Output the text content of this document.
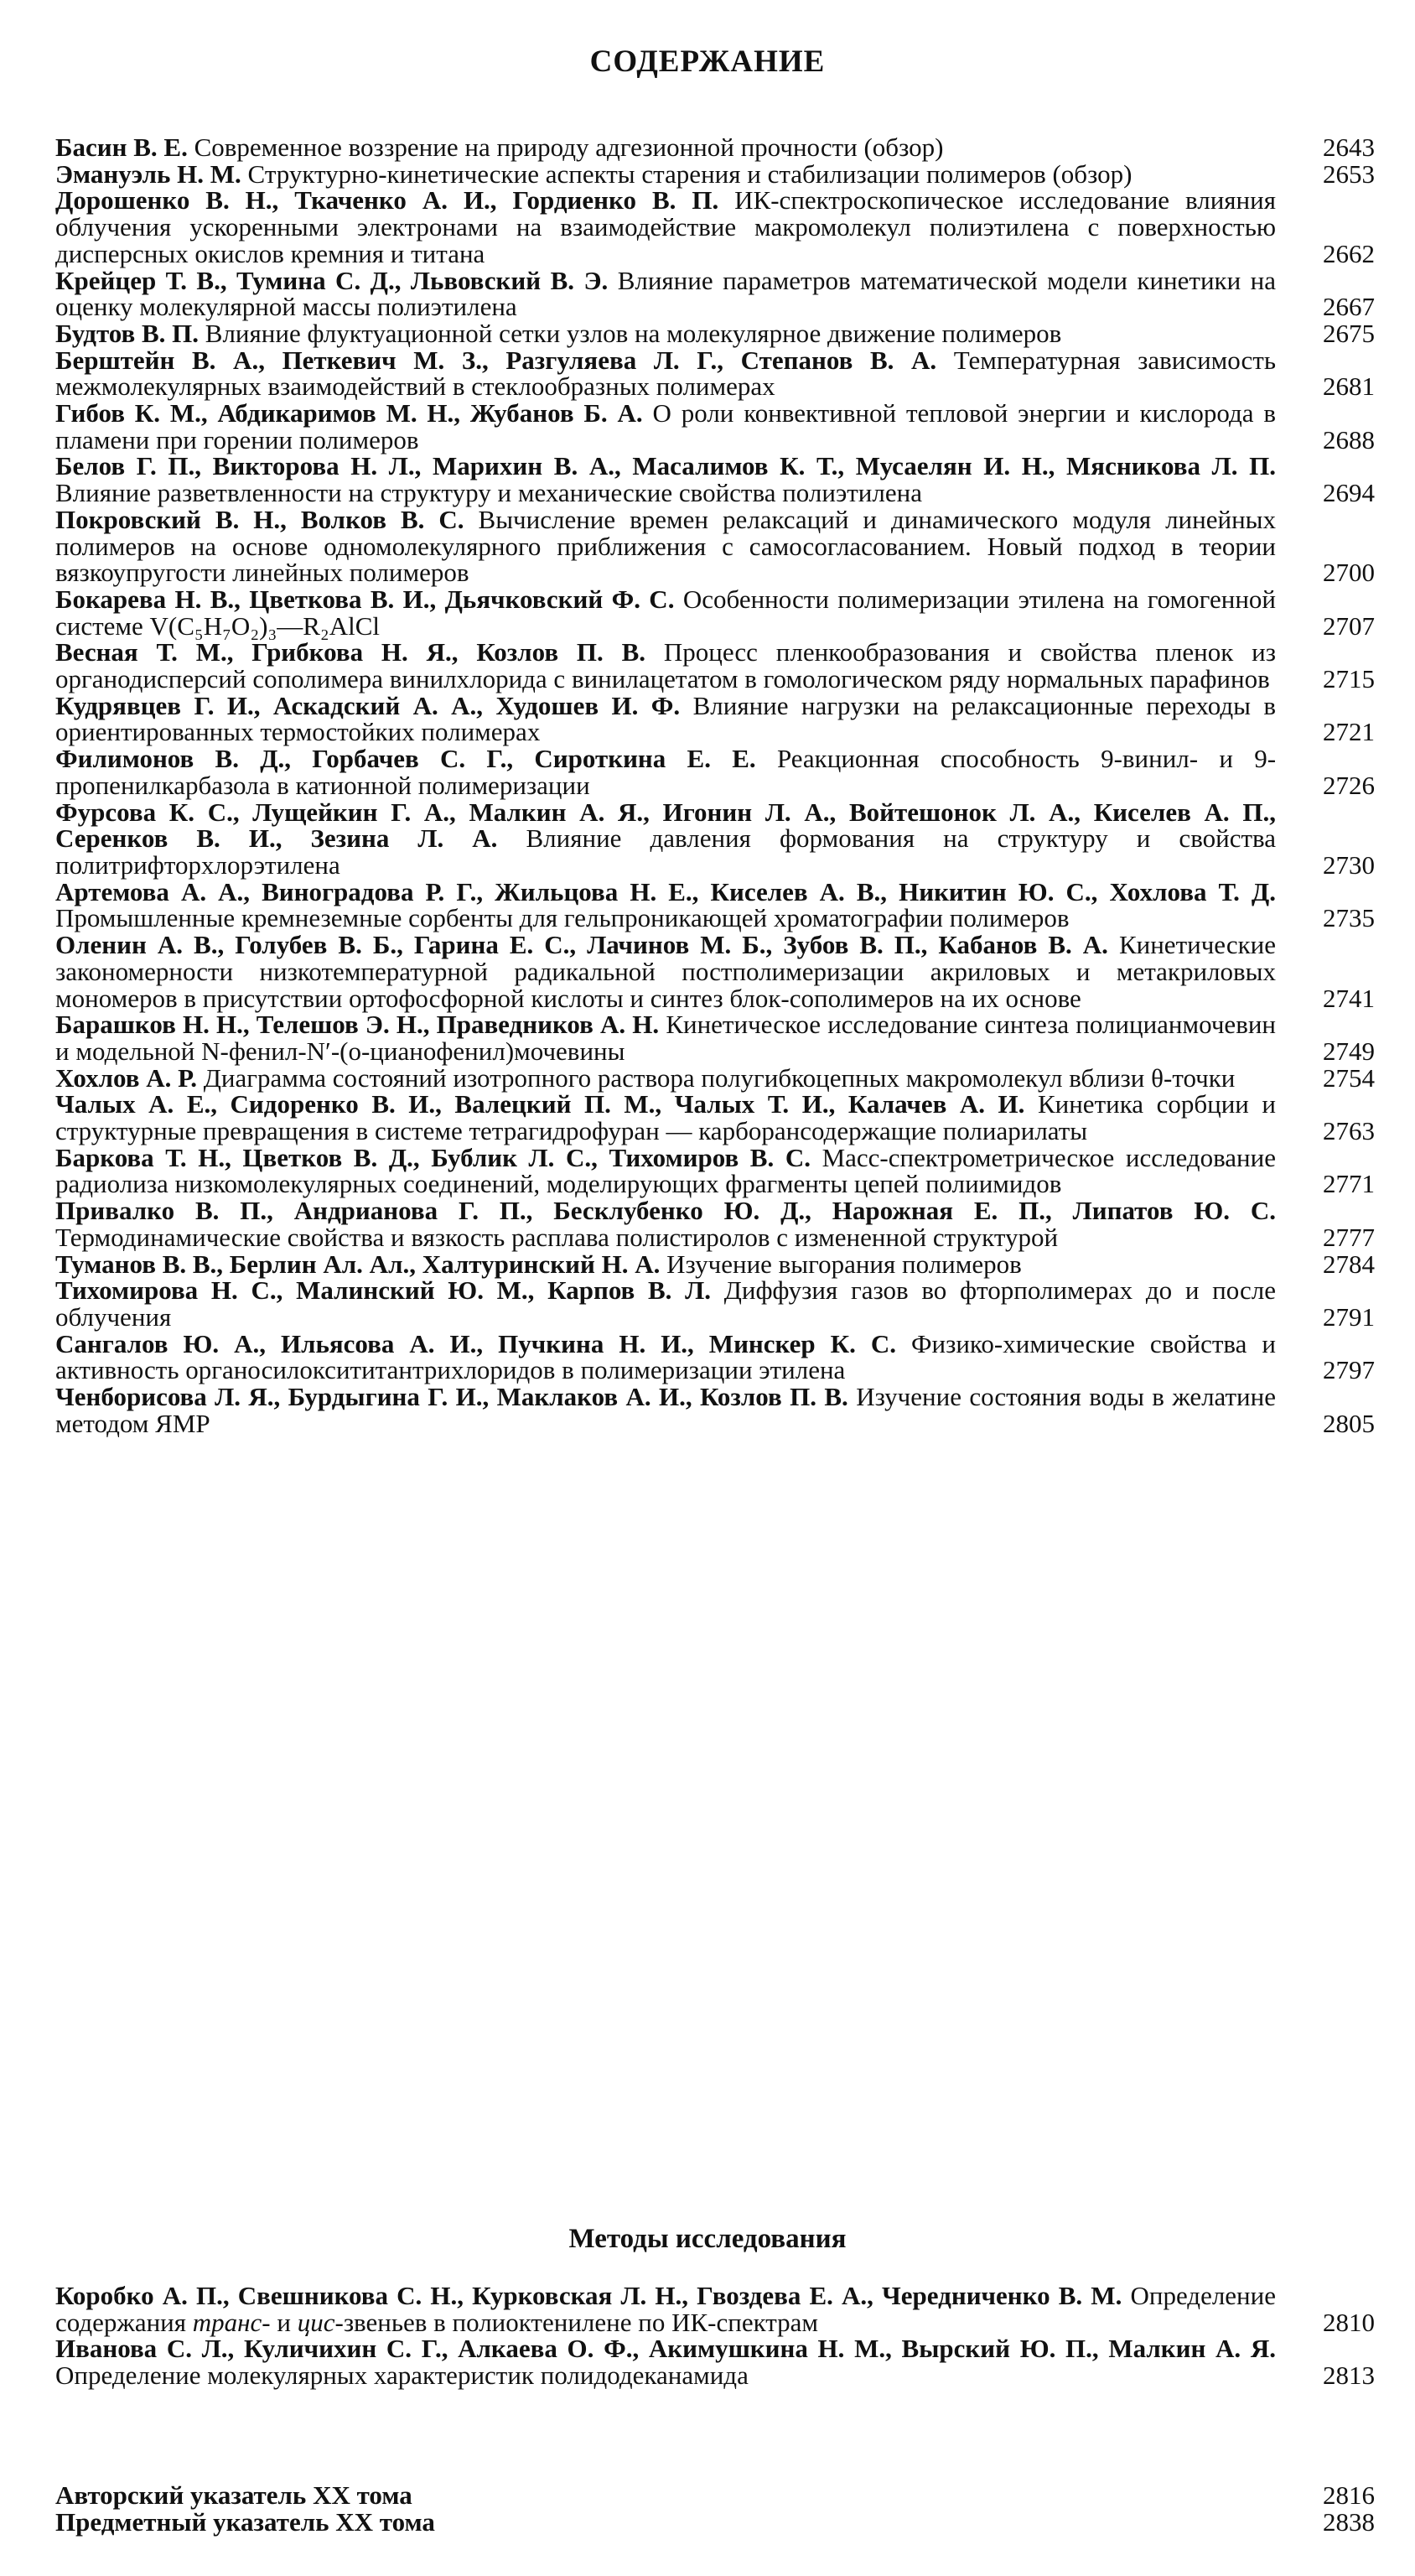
СОДЕРЖАНИЕ
Басин В. Е. Современное воззрение на природу адгезионной прочности (обзор)	2643
Эмануэль Н. М. Структурно-кинетические аспекты старения и стабилизации полимеров (обзор)	2653
Дорошенко В. Н., Ткаченко А. И., Гордиенко В. П. ИК-спектроскопическое исследование влияния облучения ускоренными электронами на взаимодействие макромолекул полиэтилена с поверхностью дисперсных окислов кремния и титана	2662
Крейцер Т. В., Тумина С. Д., Львовский В. Э. Влияние параметров математической модели кинетики на оценку молекулярной массы полиэтилена	2667
Будтов В. П. Влияние флуктуационной сетки узлов на молекулярное движение полимеров	2675
Берштейн В. А., Петкевич М. З., Разгуляева Л. Г., Степанов В. А. Температурная зависимость межмолекулярных взаимодействий в стеклообразных полимерах	2681
Гибов К. М., Абдикаримов М. Н., Жубанов Б. А. О роли конвективной тепловой энергии и кислорода в пламени при горении полимеров	2688
Белов Г. П., Викторова Н. Л., Марихин В. А., Масалимов К. Т., Мусаелян И. Н., Мясникова Л. П. Влияние разветвленности на структуру и механические свойства полиэтилена	2694
Покровский В. Н., Волков В. С. Вычисление времен релаксаций и динамического модуля линейных полимеров на основе одномолекулярного приближения с самосогласованием. Новый подход в теории вязкоупругости линейных полимеров	2700
Бокарева Н. В., Цветкова В. И., Дьячковский Ф. С. Особенности полимеризации этилена на гомогенной системе V(C₅H₇O₂)₃—R₂AlCl	2707
Весная Т. М., Грибкова Н. Я., Козлов П. В. Процесс пленкообразования и свойства пленок из органодисперсий сополимера винилхлорида с винилацетатом в гомологическом ряду нормальных парафинов	2715
Кудрявцев Г. И., Аскадский А. А., Худошев И. Ф. Влияние нагрузки на релаксационные переходы в ориентированных термостойких полимерах	2721
Филимонов В. Д., Горбачев С. Г., Сироткина Е. Е. Реакционная способность 9-винил- и 9-пропенилкарбазола в катионной полимеризации	2726
Фурсова К. С., Лущейкин Г. А., Малкин А. Я., Игонин Л. А., Войтешонок Л. А., Киселев А. П., Серенков В. И., Зезина Л. А. Влияние давления формования на структуру и свойства политрифторхлорэтилена	2730
Артемова А. А., Виноградова Р. Г., Жильцова Н. Е., Киселев А. В., Никитин Ю. С., Хохлова Т. Д. Промышленные кремнеземные сорбенты для гельпроникающей хроматографии полимеров	2735
Оленин А. В., Голубев В. Б., Гарина Е. С., Лачинов М. Б., Зубов В. П., Кабанов В. А. Кинетические закономерности низкотемпературной радикальной постполимеризации акриловых и метакриловых мономеров в присутствии ортофосфорной кислоты и синтез блок-сополимеров на их основе	2741
Барашков Н. Н., Телешов Э. Н., Праведников А. Н. Кинетическое исследование синтеза полицианмочевин и модельной N-фенил-N′-(о-цианофенил)мочевины	2749
Хохлов А. Р. Диаграмма состояний изотропного раствора полугибкоцепных макромолекул вблизи θ-точки	2754
Чалых А. Е., Сидоренко В. И., Валецкий П. М., Чалых Т. И., Калачев А. И. Кинетика сорбции и структурные превращения в системе тетрагидрофуран — карборансодержащие полиарилаты	2763
Баркова Т. Н., Цветков В. Д., Бублик Л. С., Тихомиров В. С. Масс-спектрометрическое исследование радиолиза низкомолекулярных соединений, моделирующих фрагменты цепей полиимидов	2771
Привалко В. П., Андрианова Г. П., Бесклубенко Ю. Д., Нарожная Е. П., Липатов Ю. С. Термодинамические свойства и вязкость расплава полистиролов с измененной структурой	2777
Туманов В. В., Берлин Ал. Ал., Халтуринский Н. А. Изучение выгорания полимеров	2784
Тихомирова Н. С., Малинский Ю. М., Карпов В. Л. Диффузия газов во фторполимерах до и после облучения	2791
Сангалов Ю. А., Ильясова А. И., Пучкина Н. И., Минскер К. С. Физико-химические свойства и активность органосилоксититантрихлоридов в полимеризации этилена	2797
Ченборисова Л. Я., Бурдыгина Г. И., Маклаков А. И., Козлов П. В. Изучение состояния воды в желатине методом ЯМР	2805
Методы исследования
Коробко А. П., Свешникова С. Н., Курковская Л. Н., Гвоздева Е. А., Чередниченко В. М. Определение содержания транс- и цис-звеньев в полиоктенилене по ИК-спектрам	2810
Иванова С. Л., Куличихин С. Г., Алкаева О. Ф., Акимушкина Н. М., Вырский Ю. П., Малкин А. Я. Определение молекулярных характеристик полидодеканамида	2813
Авторский указатель XX тома	2816
Предметный указатель XX тома	2838
